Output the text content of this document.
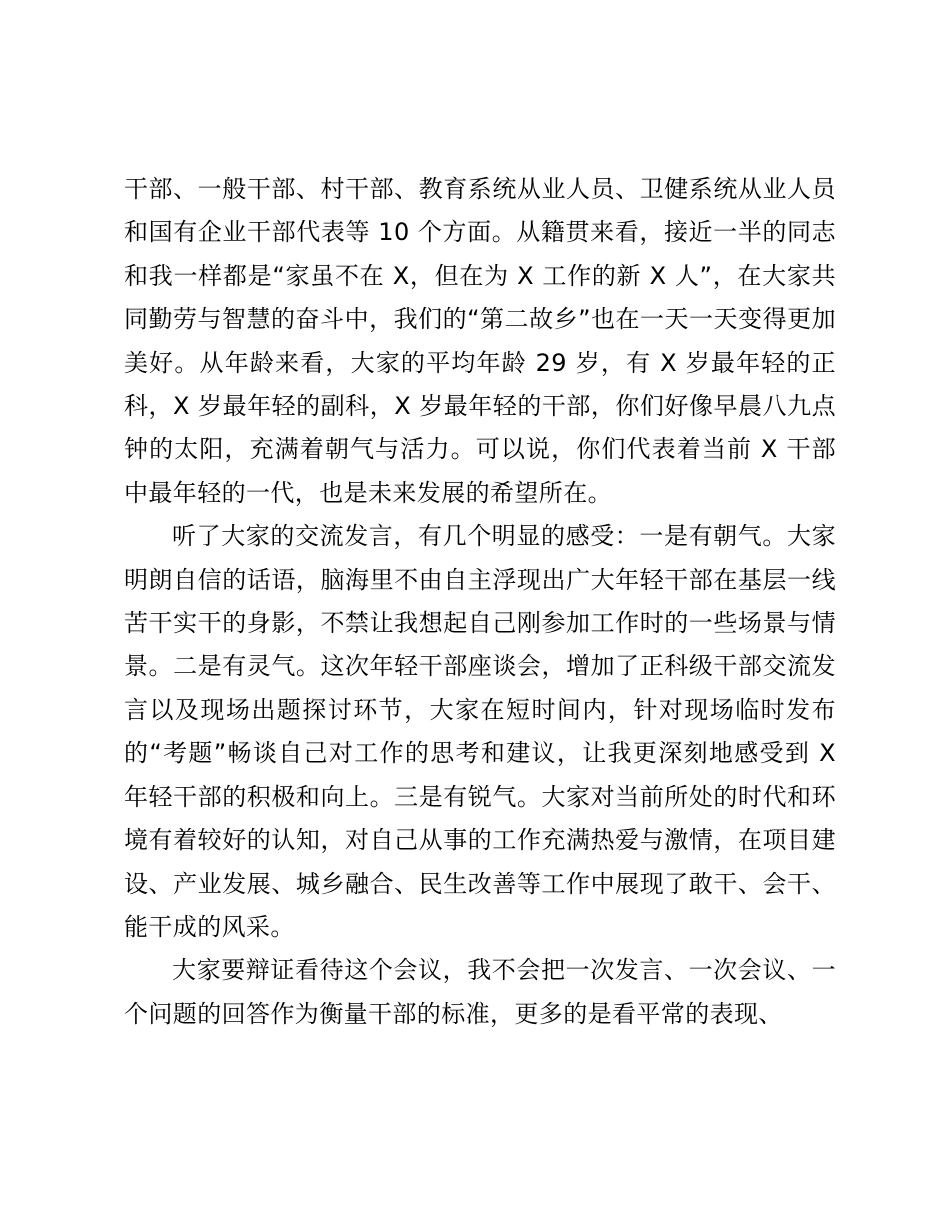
干部、一般干部、村干部、教育系统从业人员、卫健系统从业人员和国有企业干部代表等 10 个方面。从籍贯来看，接近一半的同志和我一样都是“家虽不在 X，但在为 X 工作的新 X 人”，在大家共同勤劳与智慧的奋斗中，我们的“第二故乡”也在一天一天变得更加美好。从年龄来看，大家的平均年龄 29 岁，有 X 岁最年轻的正科，X 岁最年轻的副科，X 岁最年轻的干部，你们好像早晨八九点钟的太阳，充满着朝气与活力。可以说，你们代表着当前 X 干部中最年轻的一代，也是未来发展的希望所在。

听了大家的交流发言，有几个明显的感受：一是有朝气。大家明朗自信的话语，脑海里不由自主浮现出广大年轻干部在基层一线苦干实干的身影，不禁让我想起自己刚参加工作时的一些场景与情景。二是有灵气。这次年轻干部座谈会，增加了正科级干部交流发言以及现场出题探讨环节，大家在短时间内，针对现场临时发布的“考题”畅谈自己对工作的思考和建议，让我更深刻地感受到 X 年轻干部的积极和向上。三是有锐气。大家对当前所处的时代和环境有着较好的认知，对自己从事的工作充满热爱与激情，在项目建设、产业发展、城乡融合、民生改善等工作中展现了敢干、会干、能干成的风采。

大家要辩证看待这个会议，我不会把一次发言、一次会议、一个问题的回答作为衡量干部的标准，更多的是看平常的表现、
